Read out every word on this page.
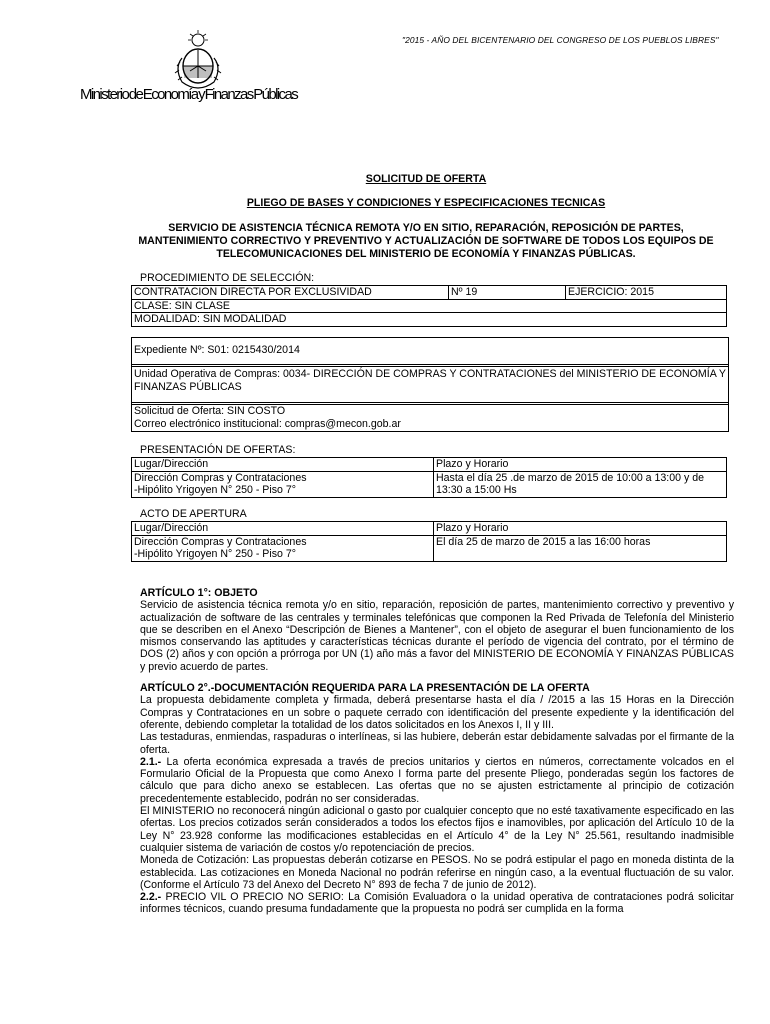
"2015 - AÑO DEL BICENTENARIO DEL CONGRESO DE LOS PUEBLOS LIBRES"
Ministerio de Economía y Finanzas Públicas
SOLICITUD DE OFERTA
PLIEGO DE BASES Y CONDICIONES Y ESPECIFICACIONES TECNICAS
SERVICIO DE ASISTENCIA TÉCNICA REMOTA Y/O EN SITIO, REPARACIÓN, REPOSICIÓN DE PARTES, MANTENIMIENTO CORRECTIVO Y PREVENTIVO Y ACTUALIZACIÓN DE SOFTWARE DE TODOS LOS EQUIPOS DE TELECOMUNICACIONES DEL MINISTERIO DE ECONOMÍA Y FINANZAS PÚBLICAS.
PROCEDIMIENTO DE SELECCIÓN:
CONTRATACION DIRECTA POR EXCLUSIVIDAD	Nº 19	EJERCICIO: 2015
CLASE: SIN CLASE
MODALIDAD: SIN MODALIDAD
Expediente Nº: S01: 0215430/2014
Unidad Operativa de Compras: 0034- DIRECCIÓN DE COMPRAS Y CONTRATACIONES del MINISTERIO DE ECONOMÍA Y FINANZAS PÚBLICAS
Solicitud de Oferta: SIN COSTO
Correo electrónico institucional: compras@mecon.gob.ar
PRESENTACIÓN DE OFERTAS:
Lugar/Dirección	Plazo y Horario

Dirección Compras y Contrataciones
-Hipólito Yrigoyen N° 250 - Piso 7°	Hasta el día 25 .de marzo de 2015 de 10:00 a 13:00 y de 13:30 a 15:00 Hs
ACTO DE APERTURA
Lugar/Dirección	Plazo y Horario

Dirección Compras y Contrataciones
-Hipólito Yrigoyen N° 250 - Piso 7°	El día 25 de marzo de 2015 a las 16:00 horas

ARTÍCULO 1°: OBJETO

Servicio de asistencia técnica remota y/o en sitio, reparación, reposición de partes, mantenimiento correctivo y preventivo y actualización de software de las centrales y terminales telefónicas que componen la Red Privada de Telefonía del Ministerio que se describen en el Anexo “Descripción de Bienes a Mantener”, con el objeto de asegurar el buen funcionamiento de los mismos conservando las aptitudes y características técnicas durante el período de vigencia del contrato, por el término de DOS (2) años y con opción a prórroga por UN (1) año más a favor del MINISTERIO DE ECONOMÍA Y FINANZAS PÚBLICAS y previo acuerdo de partes.

ARTÍCULO 2°.-DOCUMENTACIÓN REQUERIDA PARA LA PRESENTACIÓN DE LA OFERTA

La propuesta debidamente completa y firmada, deberá presentarse hasta el día / /2015 a las 15 Horas en la Dirección Compras y Contrataciones en un sobre o paquete cerrado con identificación del presente expediente y la identificación del oferente, debiendo completar la totalidad de los datos solicitados en los Anexos I, II y III.

Las testaduras, enmiendas, raspaduras o interlíneas, si las hubiere, deberán estar debidamente salvadas por el firmante de la oferta.

2.1.- La oferta económica expresada a través de precios unitarios y ciertos en números, correctamente volcados en el Formulario Oficial de la Propuesta que como Anexo I forma parte del presente Pliego, ponderadas según los factores de cálculo que para dicho anexo se establecen. Las ofertas que no se ajusten estrictamente al principio de cotización precedentemente establecido, podrán no ser consideradas.

El MINISTERIO no reconocerá ningún adicional o gasto por cualquier concepto que no esté taxativamente especificado en las ofertas. Los precios cotizados serán considerados a todos los efectos fijos e inamovibles, por aplicación del Artículo 10 de la Ley N° 23.928 conforme las modificaciones establecidas en el Artículo 4° de la Ley N° 25.561, resultando inadmisible cualquier sistema de variación de costos y/o repotenciación de precios.

Moneda de Cotización: Las propuestas deberán cotizarse en PESOS. No se podrá estipular el pago en moneda distinta de la establecida. Las cotizaciones en Moneda Nacional no podrán referirse en ningún caso, a la eventual fluctuación de su valor. (Conforme el Artículo 73 del Anexo del Decreto N° 893 de fecha 7 de junio de 2012).

2.2.- PRECIO VIL O PRECIO NO SERIO: La Comisión Evaluadora o la unidad operativa de contrataciones podrá solicitar informes técnicos, cuando presuma fundadamente que la propuesta no podrá ser cumplida en la forma
